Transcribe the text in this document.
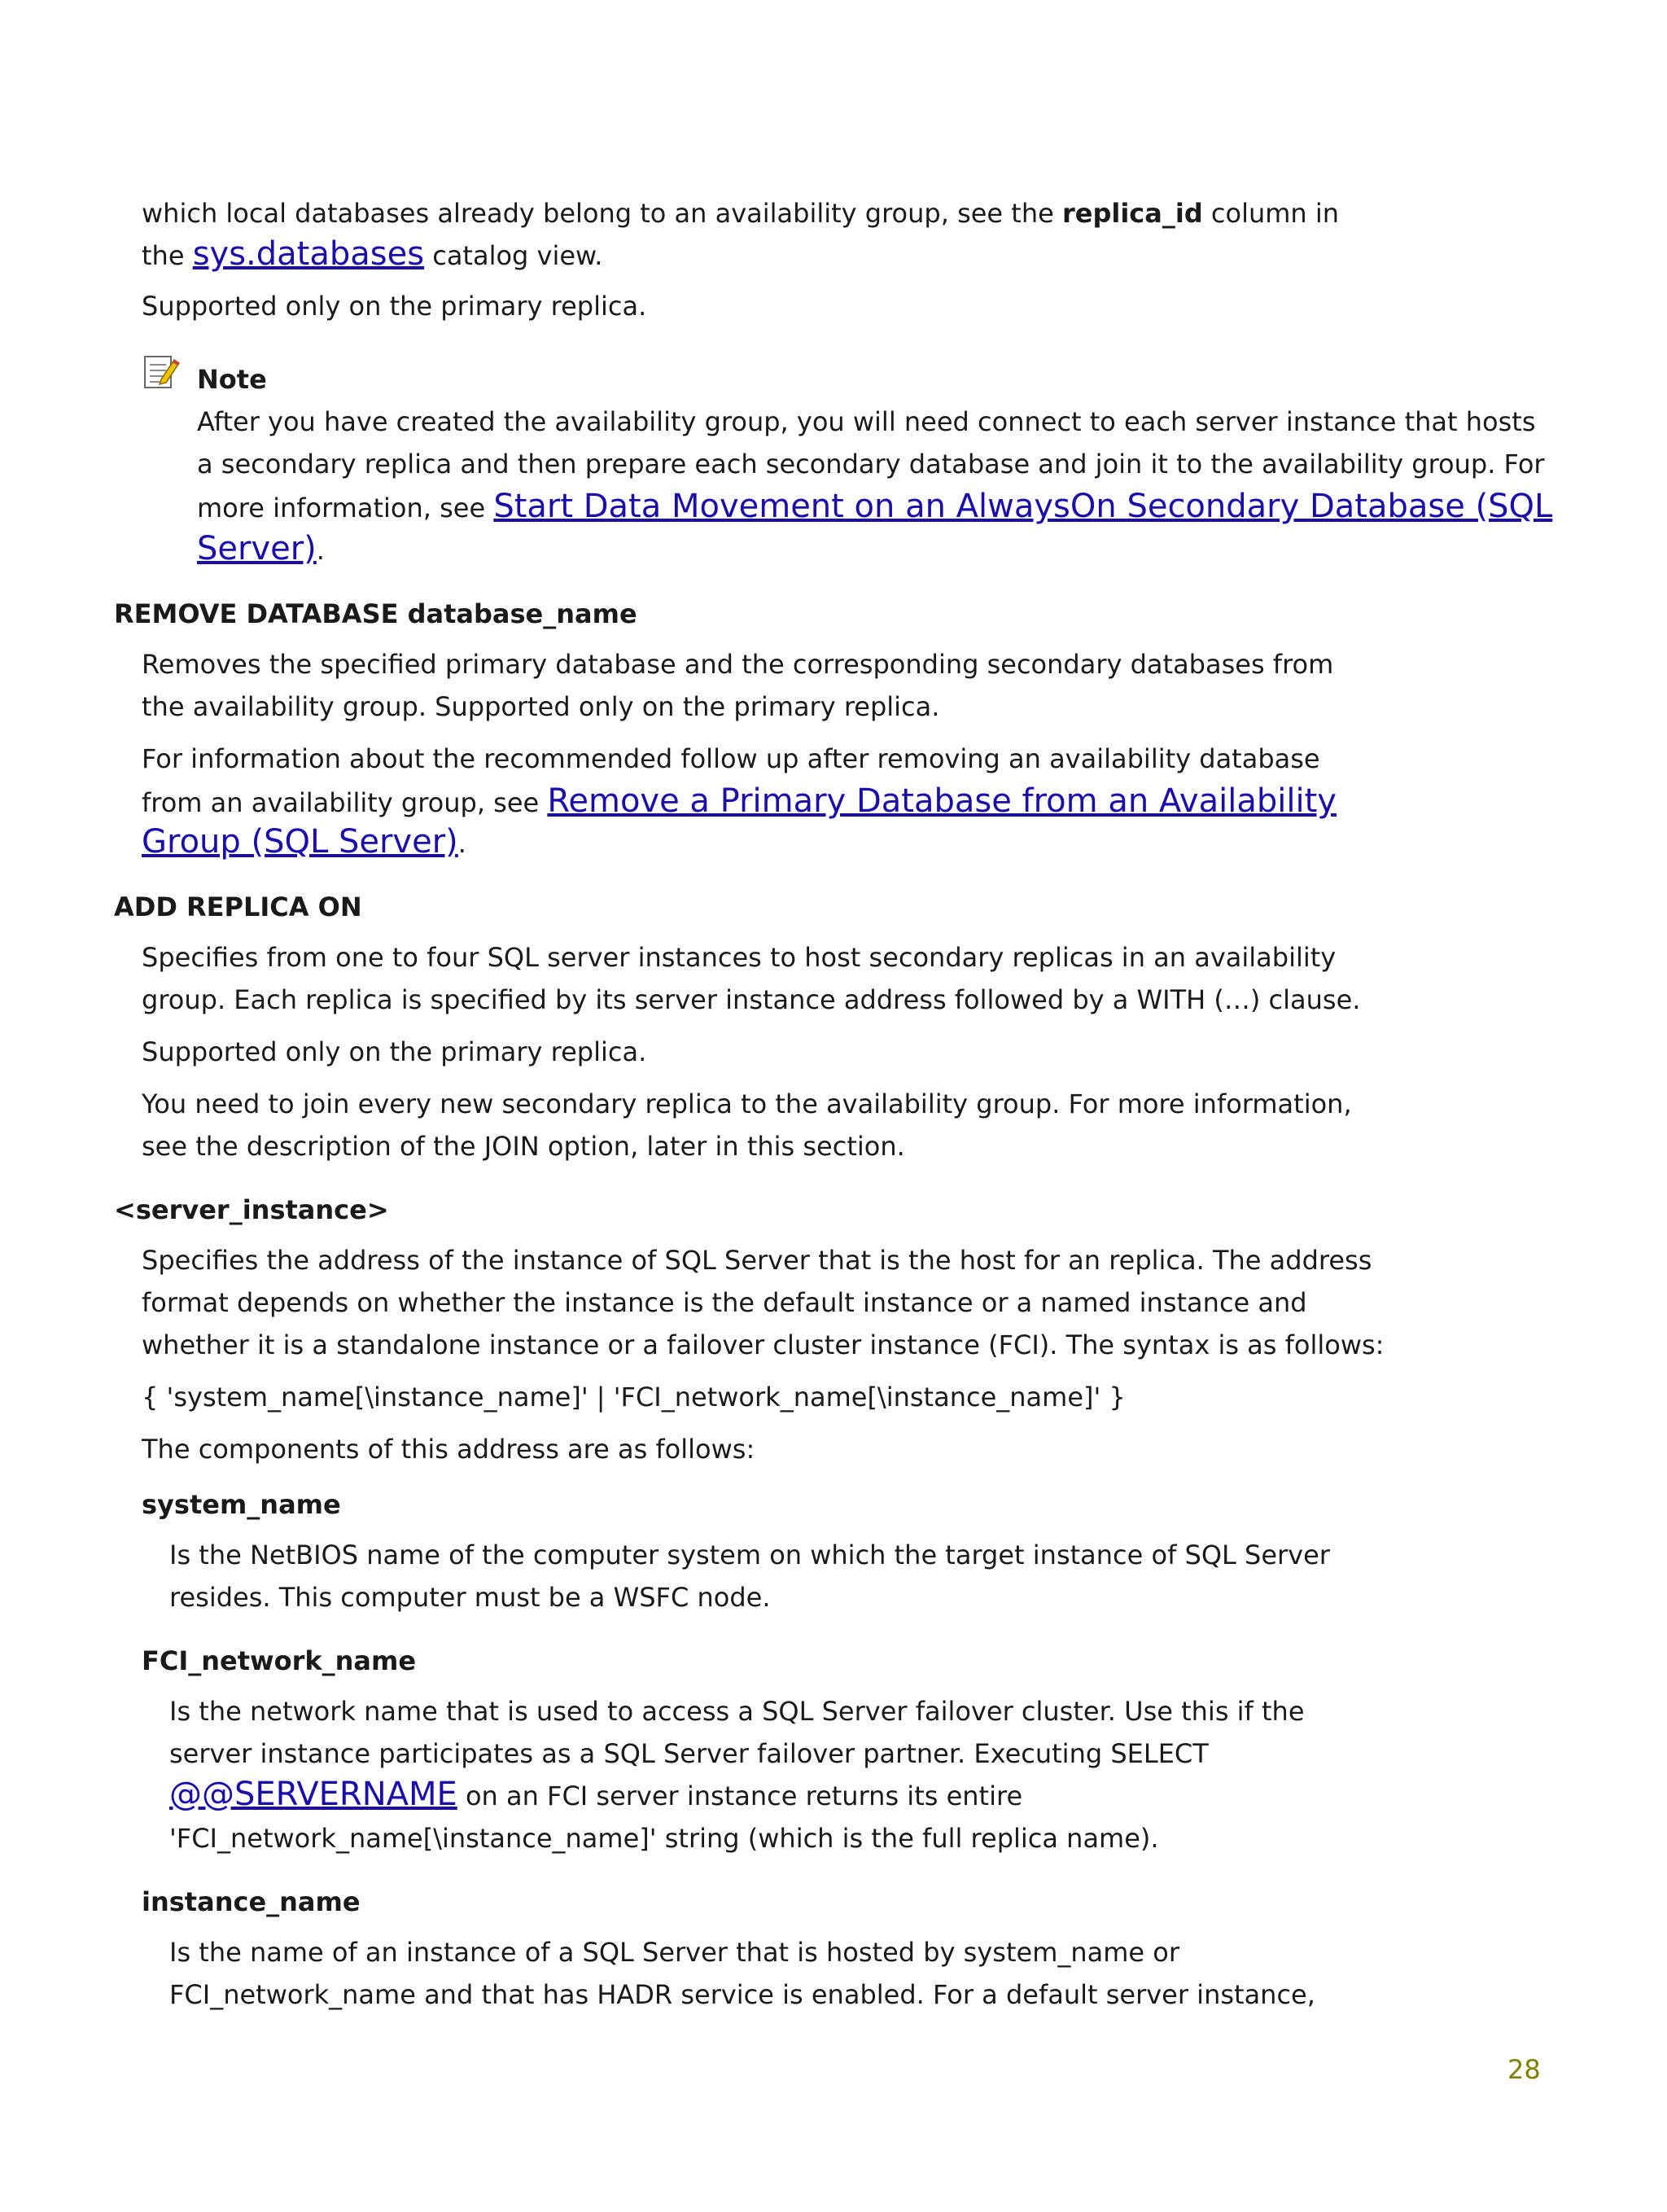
which local databases already belong to an availability group, see the replica_id column in

the sys.databases catalog view.

Supported only on the primary replica.

Note

After you have created the availability group, you will need connect to each server instance that hosts

a secondary replica and then prepare each secondary database and join it to the availability group. For

more information, see Start Data Movement on an AlwaysOn Secondary Database (SQL

Server).

REMOVE DATABASE database_name

Removes the specified primary database and the corresponding secondary databases from

the availability group. Supported only on the primary replica.

For information about the recommended follow up after removing an availability database

from an availability group, see Remove a Primary Database from an Availability

Group (SQL Server).

ADD REPLICA ON

Specifies from one to four SQL server instances to host secondary replicas in an availability

group. Each replica is specified by its server instance address followed by a WITH (…) clause.

Supported only on the primary replica.

You need to join every new secondary replica to the availability group. For more information,

see the description of the JOIN option, later in this section.

<server_instance>

Specifies the address of the instance of SQL Server that is the host for an replica. The address

format depends on whether the instance is the default instance or a named instance and

whether it is a standalone instance or a failover cluster instance (FCI). The syntax is as follows:

{ 'system_name[\instance_name]' | 'FCI_network_name[\instance_name]' }

The components of this address are as follows:

system_name

Is the NetBIOS name of the computer system on which the target instance of SQL Server

resides. This computer must be a WSFC node.

FCI_network_name

Is the network name that is used to access a SQL Server failover cluster. Use this if the

server instance participates as a SQL Server failover partner. Executing SELECT

@@SERVERNAME on an FCI server instance returns its entire

'FCI_network_name[\instance_name]' string (which is the full replica name).

instance_name

Is the name of an instance of a SQL Server that is hosted by system_name or

FCI_network_name and that has HADR service is enabled. For a default server instance,

28
